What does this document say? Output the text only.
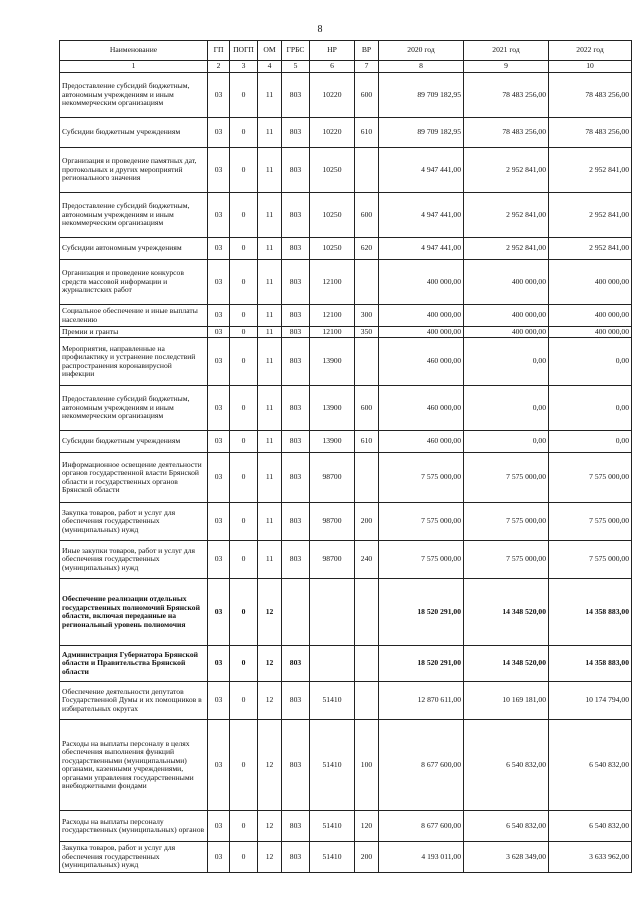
8
Наименование	ГП	ПОГП	ОМ	ГРБС	НР	ВР	2020 год	2021 год	2022 год
1	2	3	4	5	6	7	8	9	10
Предоставление субсидий бюджетным, автономным учреждениям и иным некоммерческим организациям	03	0	11	803	10220	600	89 709 182,95	78 483 256,00	78 483 256,00
Субсидии бюджетным учреждениям	03	0	11	803	10220	610	89 709 182,95	78 483 256,00	78 483 256,00
Организация и проведение памятных дат, протокольных и других мероприятий регионального значения	03	0	11	803	10250		4 947 441,00	2 952 841,00	2 952 841,00
Предоставление субсидий бюджетным, автономным учреждениям и иным некоммерческим организациям	03	0	11	803	10250	600	4 947 441,00	2 952 841,00	2 952 841,00
Субсидии автономным учреждениям	03	0	11	803	10250	620	4 947 441,00	2 952 841,00	2 952 841,00
Организация и проведение конкурсов средств массовой информации и журналистских работ	03	0	11	803	12100		400 000,00	400 000,00	400 000,00
Социальное обеспечение и иные выплаты населению	03	0	11	803	12100	300	400 000,00	400 000,00	400 000,00
Премии и гранты	03	0	11	803	12100	350	400 000,00	400 000,00	400 000,00
Мероприятия, направленные на профилактику и устранение последствий распространения коронавирусной инфекции	03	0	11	803	13900		460 000,00	0,00	0,00
Предоставление субсидий бюджетным, автономным учреждениям и иным некоммерческим организациям	03	0	11	803	13900	600	460 000,00	0,00	0,00
Субсидии бюджетным учреждениям	03	0	11	803	13900	610	460 000,00	0,00	0,00
Информационное освещение деятельности органов государственной власти Брянской области и государственных органов Брянской области	03	0	11	803	98700		7 575 000,00	7 575 000,00	7 575 000,00
Закупка товаров, работ и услуг для обеспечения государственных (муниципальных) нужд	03	0	11	803	98700	200	7 575 000,00	7 575 000,00	7 575 000,00
Иные закупки товаров, работ и услуг для обеспечения государственных (муниципальных) нужд	03	0	11	803	98700	240	7 575 000,00	7 575 000,00	7 575 000,00
Обеспечение реализации отдельных государственных полномочий Брянской области, включая переданные на региональный уровень полномочия	03	0	12				18 520 291,00	14 348 520,00	14 358 883,00
Администрация Губернатора Брянской области и Правительства Брянской области	03	0	12	803			18 520 291,00	14 348 520,00	14 358 883,00
Обеспечение деятельности депутатов Государственной Думы и их помощников в избирательных округах	03	0	12	803	51410		12 870 611,00	10 169 181,00	10 174 794,00
Расходы на выплаты персоналу в целях обеспечения выполнения функций государственными (муниципальными) органами, казенными учреждениями, органами управления государственными внебюджетными фондами	03	0	12	803	51410	100	8 677 600,00	6 540 832,00	6 540 832,00
Расходы на выплаты персоналу государственных (муниципальных) органов	03	0	12	803	51410	120	8 677 600,00	6 540 832,00	6 540 832,00
Закупка товаров, работ и услуг для обеспечения государственных (муниципальных) нужд	03	0	12	803	51410	200	4 193 011,00	3 628 349,00	3 633 962,00
